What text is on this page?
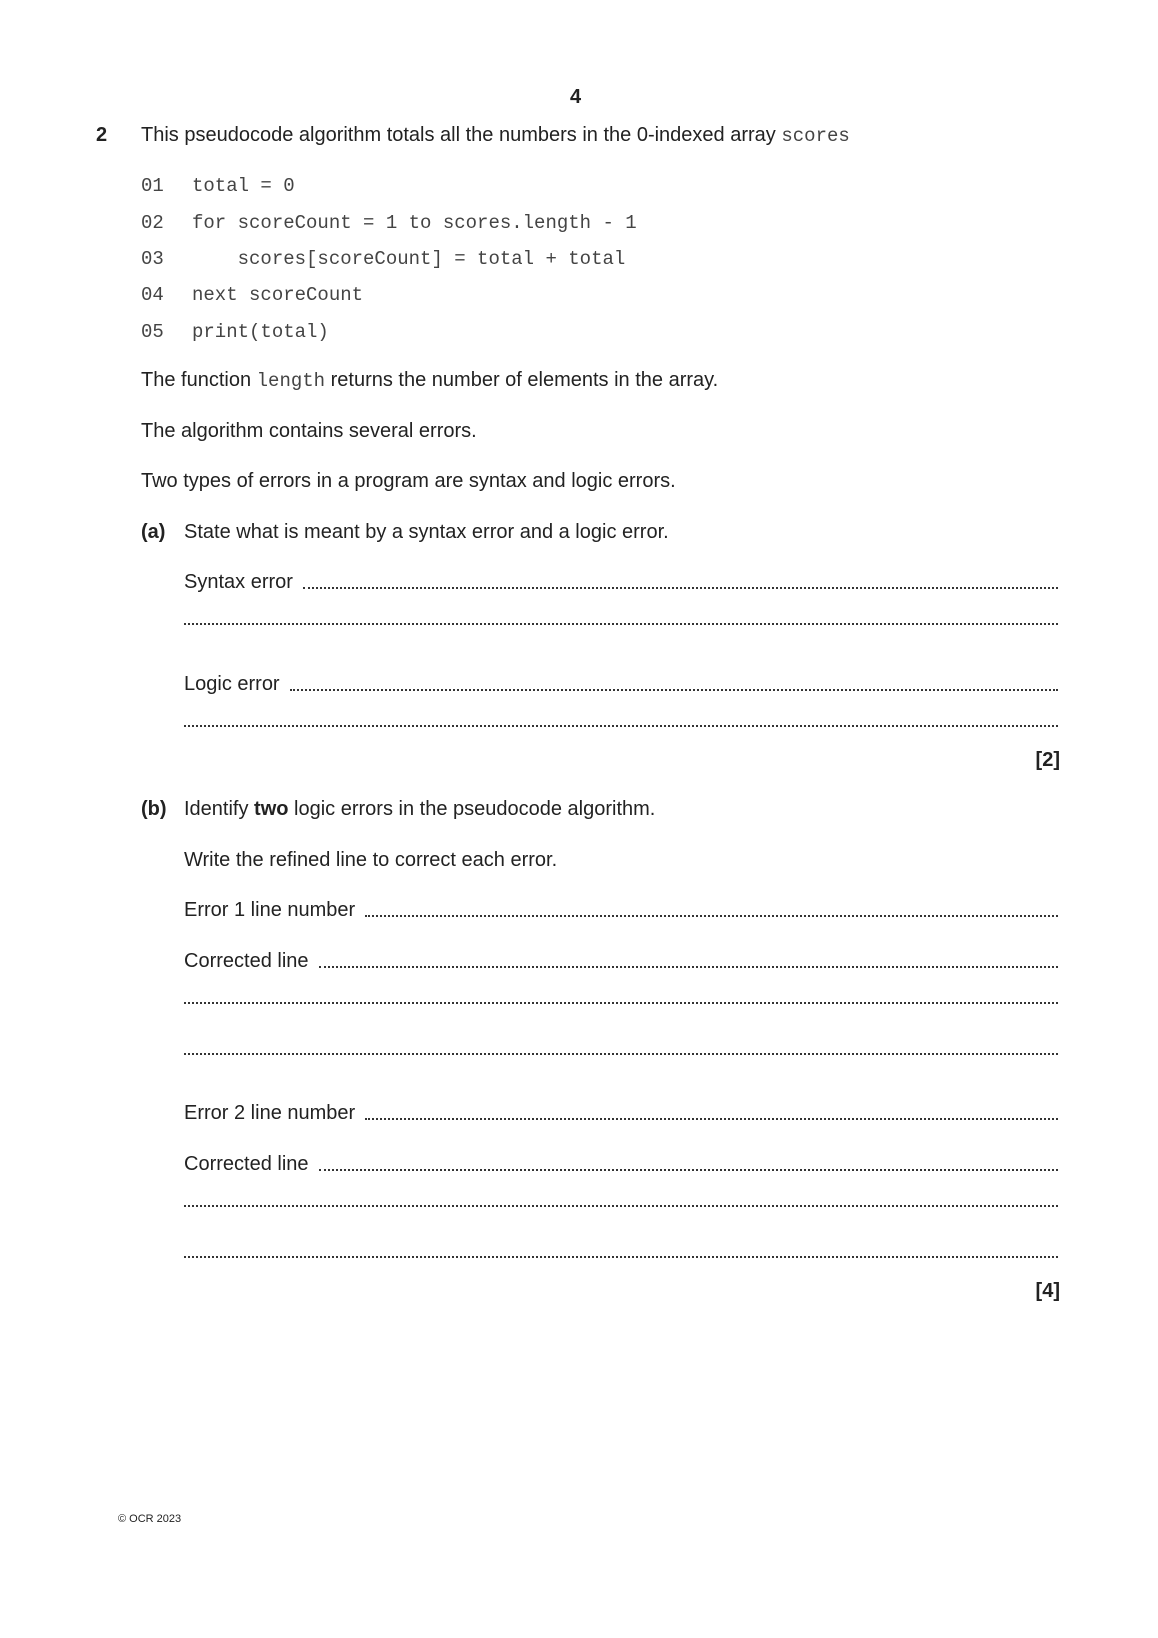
4
2 This pseudocode algorithm totals all the numbers in the 0-indexed array scores
01 total = 0
02 for scoreCount = 1 to scores.length - 1
03 scores[scoreCount] = total + total
04 next scoreCount
05 print(total)
The function length returns the number of elements in the array.
The algorithm contains several errors.
Two types of errors in a program are syntax and logic errors.
(a) State what is meant by a syntax error and a logic error.
Syntax error
Logic error
[2]
(b) Identify two logic errors in the pseudocode algorithm.
Write the refined line to correct each error.
Error 1 line number
Corrected line
Error 2 line number
Corrected line
[4]
© OCR 2023
